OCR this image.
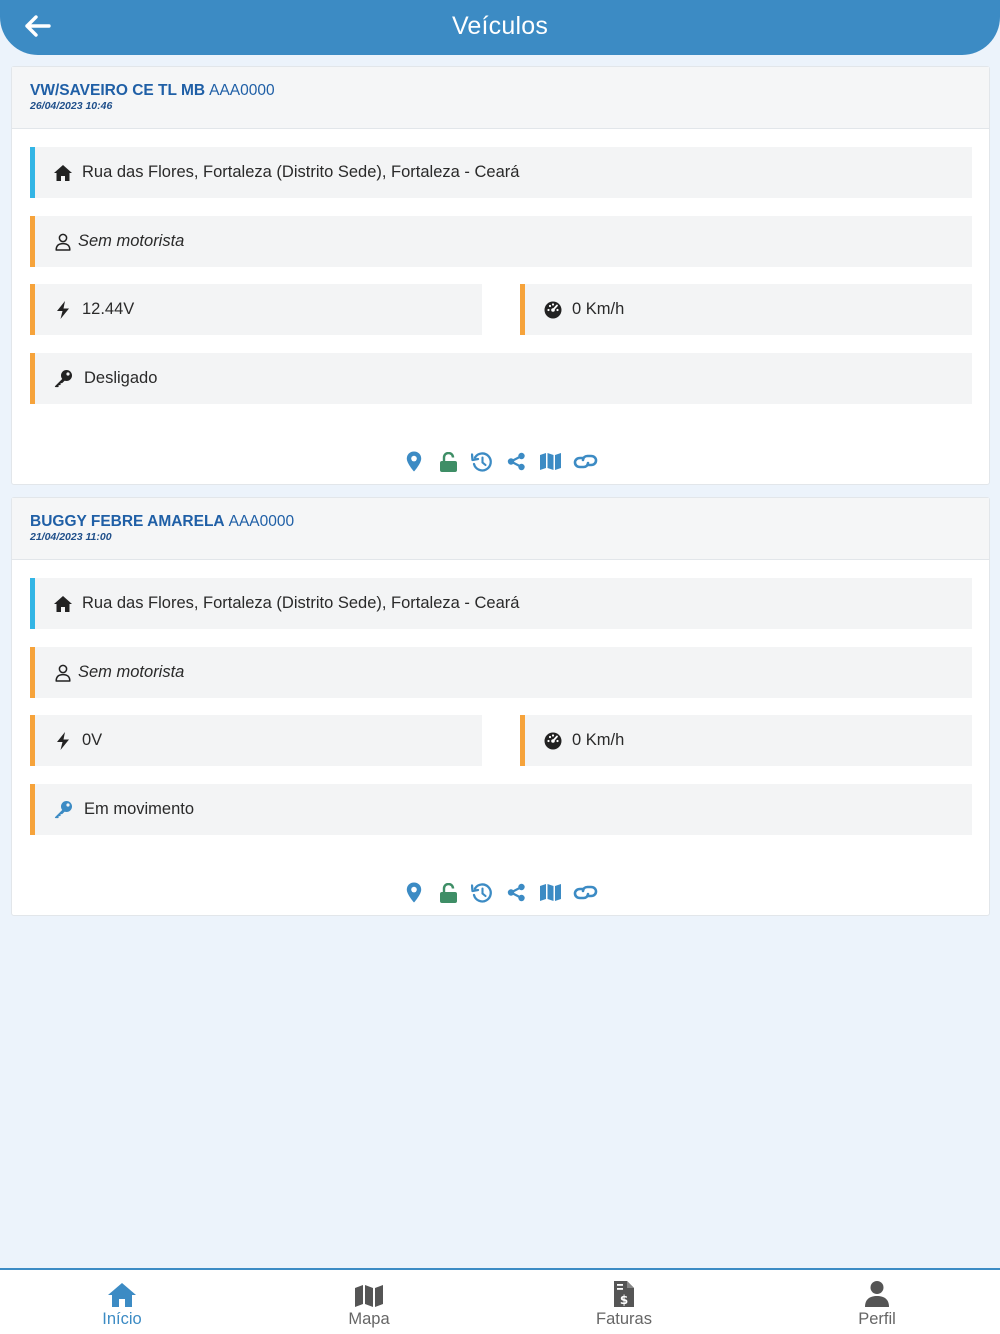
Veículos
VW/SAVEIRO CE TL MB AAA0000
26/04/2023 10:46
Rua das Flores, Fortaleza (Distrito Sede), Fortaleza - Ceará
Sem motorista
12.44V	0 Km/h
Desligado
BUGGY FEBRE AMARELA AAA0000
21/04/2023 11:00
Rua das Flores, Fortaleza (Distrito Sede), Fortaleza - Ceará
Sem motorista
0V	0 Km/h
Em movimento
Início	Mapa
$
Faturas	Perfil
